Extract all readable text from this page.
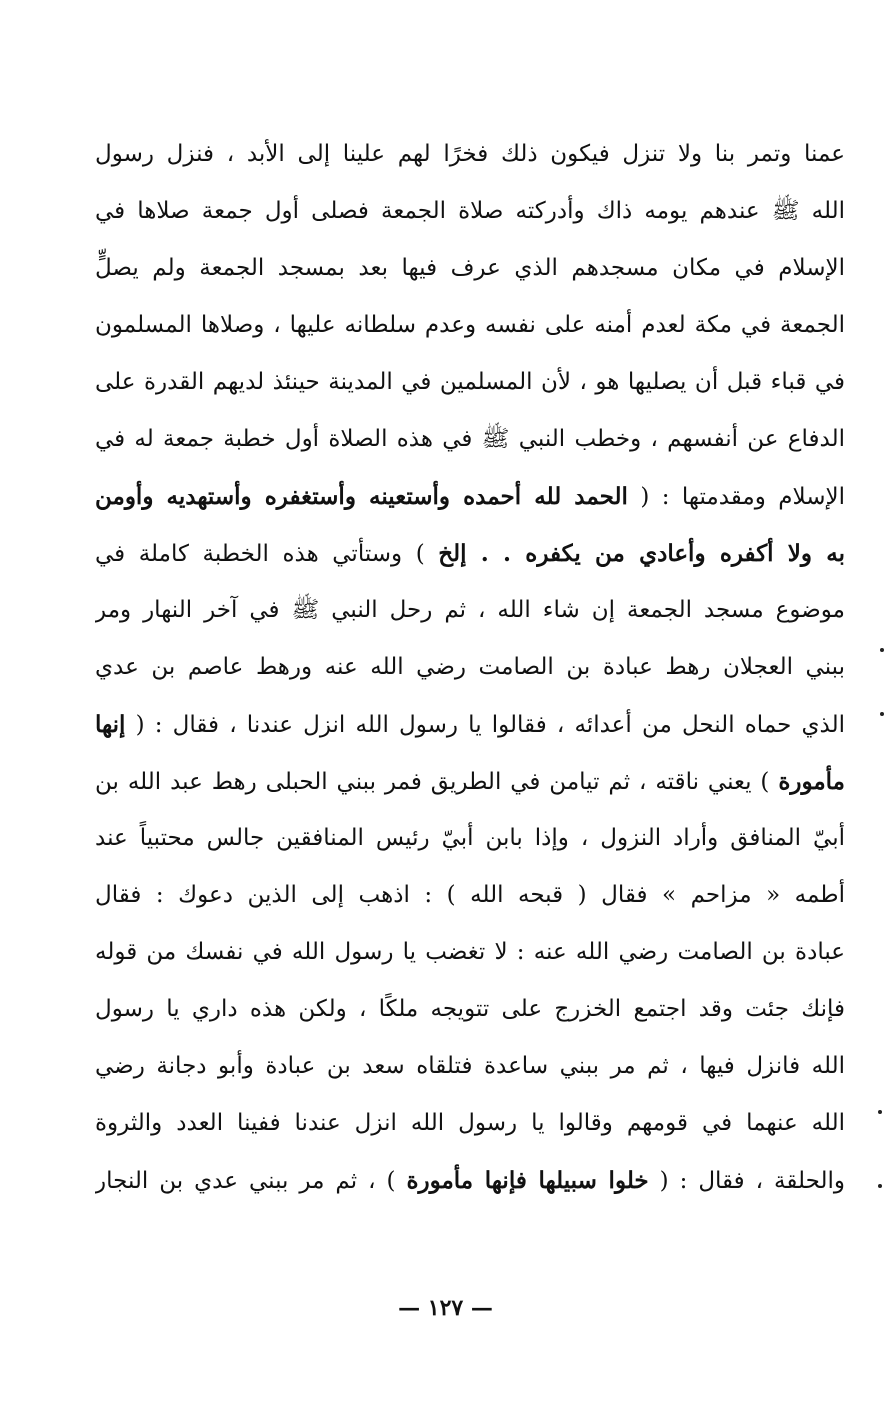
عمنا وتمر بنا ولا تنزل فيكون ذلك فخرًا لهم علينا إلى الأبد ، فنزل رسول
الله ﷺ عندهم يومه ذاك وأدركته صلاة الجمعة فصلى أول جمعة صلاها في
الإسلام في مكان مسجدهم الذي عرف فيها بعد بمسجد الجمعة ولم يصلٍّ
الجمعة في مكة لعدم أمنه على نفسه وعدم سلطانه عليها ، وصلاها المسلمون
في قباء قبل أن يصليها هو ، لأن المسلمين في المدينة حينئذ لديهم القدرة على
الدفاع عن أنفسهم ، وخطب النبي ﷺ في هذه الصلاة أول خطبة جمعة له في
الإسلام ومقدمتها : ( الحمد لله أحمده وأستعينه وأستغفره وأستهديه وأومن
به ولا أكفره وأعادي من يكفره . . إلخ ) وستأتي هذه الخطبة كاملة في
موضوع مسجد الجمعة إن شاء الله ، ثم رحل النبي ﷺ في آخر النهار ومر
ببني العجلان رهط عبادة بن الصامت رضي الله عنه ورهط عاصم بن عدي
الذي حماه النحل من أعدائه ، فقالوا يا رسول الله انزل عندنا ، فقال : ( إنها
مأمورة ) يعني ناقته ، ثم تيامن في الطريق فمر ببني الحبلى رهط عبد الله بن
أبيّ المنافق وأراد النزول ، وإذا بابن أبيّ رئيس المنافقين جالس محتبياً عند
أطمه « مزاحم » فقال ( قبحه الله ) : اذهب إلى الذين دعوك : فقال
عبادة بن الصامت رضي الله عنه : لا تغضب يا رسول الله في نفسك من قوله
فإنك جئت وقد اجتمع الخزرج على تتويجه ملكًا ، ولكن هذه داري يا رسول
الله فانزل فيها ، ثم مر ببني ساعدة فتلقاه سعد بن عبادة وأبو دجانة رضي
الله عنهما في قومهم وقالوا يا رسول الله انزل عندنا ففينا العدد والثروة
والحلقة ، فقال : ( خلوا سبيلها فإنها مأمورة ) ، ثم مر ببني عدي بن النجار
— ١٢٧ —
